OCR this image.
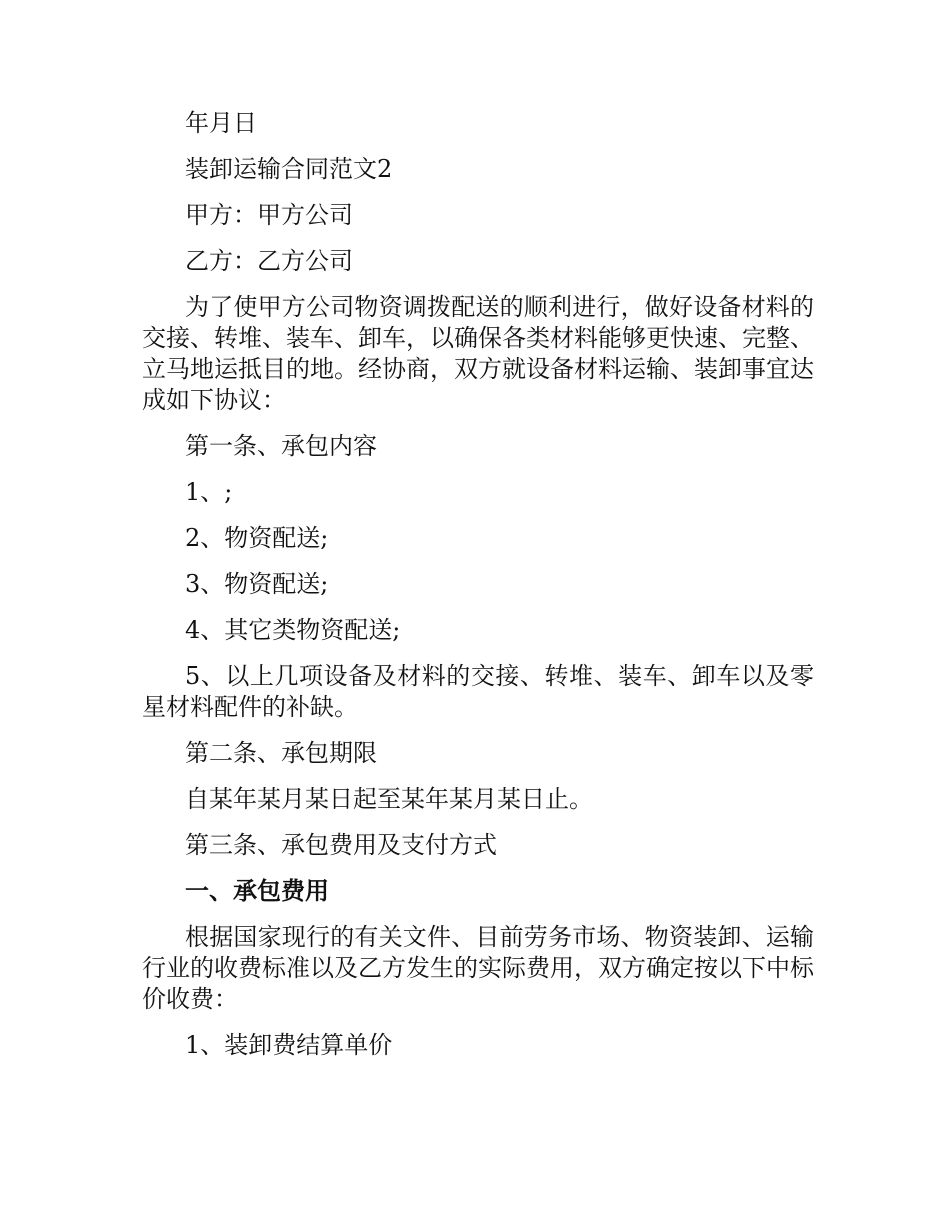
年月日

装卸运输合同范文2

甲方：甲方公司

乙方：乙方公司

为了使甲方公司物资调拨配送的顺利进行，做好设备材料的交接、转堆、装车、卸车，以确保各类材料能够更快速、完整、立马地运抵目的地。经协商，双方就设备材料运输、装卸事宜达成如下协议：

第一条、承包内容

1、;

2、物资配送;

3、物资配送;

4、其它类物资配送;

5、以上几项设备及材料的交接、转堆、装车、卸车以及零星材料配件的补缺。

第二条、承包期限

自某年某月某日起至某年某月某日止。

第三条、承包费用及支付方式

一、承包费用

根据国家现行的有关文件、目前劳务市场、物资装卸、运输行业的收费标准以及乙方发生的实际费用，双方确定按以下中标价收费：

1、装卸费结算单价
